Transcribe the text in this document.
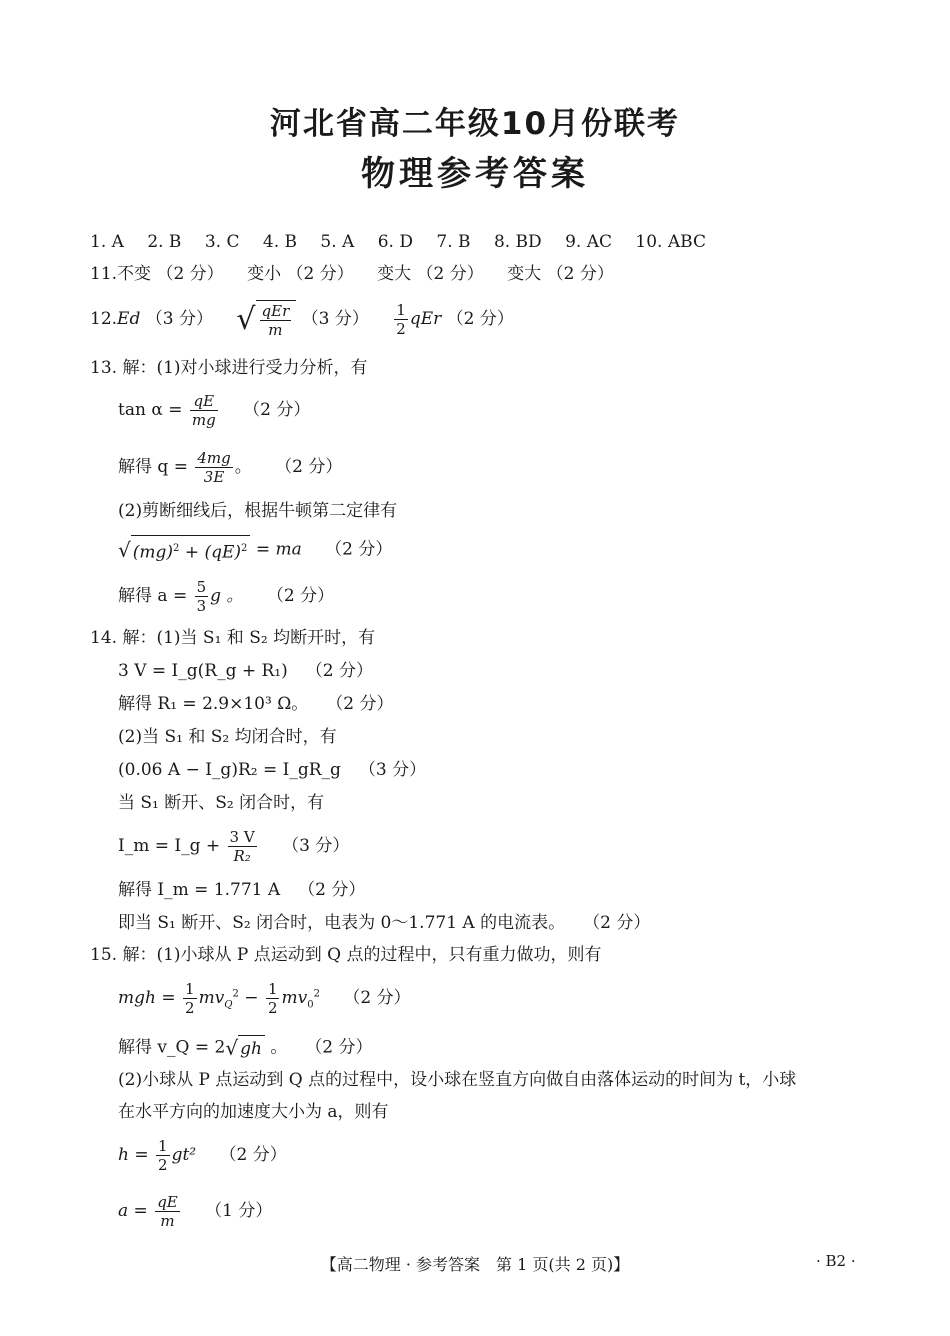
河北省高二年级10月份联考
物理参考答案
1. A 2. B 3. C 4. B 5. A 6. D 7. B 8. BD 9. AC 10. ABC
11.不变 （2 分） 变小 （2 分） 变大 （2 分） 变大 （2 分）
12.Ed （3 分） √ qEr
m
（3 分） $\frac{1}{2}$ qEr （2 分）
13. 解：(1)对小球进行受力分析，有
$\tan \alpha = \frac{qE}{mg} (2$ 分）
解得 $q = \frac{4mg}{3E}$ 。 （2 分）
(2)剪断细线后，根据牛顿第二定律有
√ (mg)$^2$ + (qE)$^2$ = ma （2 分）
解得 $a = \frac{5}{3}$ g 。 （2 分）
14. 解：(1)当 S₁ 和 S₂ 均断开时，有
3 V = I_g(R_g + R₁) （2 分）
解得 R₁ = 2.9×10³ Ω。 （2 分）
(2)当 S₁ 和 S₂ 均闭合时，有
(0.06 A − I_g)R₂ = I_gR_g （3 分）
当 S₁ 断开、S₂ 闭合时，有
I_m = I_g + $\frac{3 V}{\text{R₂}} (3$ 分）
解得 I_m = 1.771 A （2 分）
即当 S₁ 断开、S₂ 闭合时，电表为 0～1.771 A 的电流表。 （2 分）
15. 解：(1)小球从 P 点运动到 Q 点的过程中，只有重力做功，则有
mgh = $\frac{1}{2} mv_Q^2 - \frac{1}{2} mv_0^2$ （2 分）
解得 v_Q = 2√ gh 。 （2 分）
(2)小球从 P 点运动到 Q 点的过程中，设小球在竖直方向做自由落体运动的时间为 t，小球
在水平方向的加速度大小为 a，则有
$h = \frac{1}{2} gt^2$ （2 分）
$a = \frac{qE}{m} (1$ 分）
【高二物理 · 参考答案　第 1 页(共 2 页)】	· B2 ·
